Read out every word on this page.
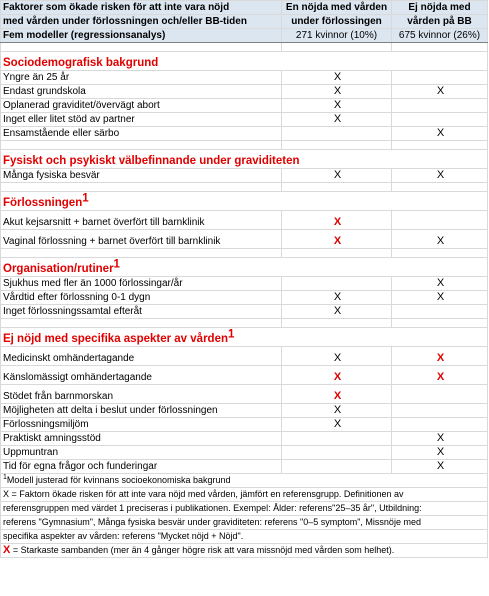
Faktorer som ökade risken för att inte vara nöjd	En nöjda med vården	Ej nöjda med
med vården under förlossningen och/eller BB-tiden	under förlossingen	vården på BB
Fem modeller (regressionsanalys)	271 kvinnor (10%)	675 kvinnor (26%)

Sociodemografisk bakgrund		
Yngre än 25 år	X	
Endast grundskola	X	X
Oplanerad graviditet/övervägt abort	X	
Inget eller litet stöd av partner	X	
Ensamstående eller särbo		X

Fysiskt och psykiskt välbefinnande under graviditeten		
Många fysiska besvär	X	X

Förlossningen$^1$
Akut kejsarsnitt + barnet överfört till barnklinik	X	
Vaginal förlossning + barnet överfört till barnklinik	X	X

Organisation/rutiner$^1$
Sjukhus med fler än 1000 förlossingar/år		X
Vårdtid efter förlossning 0-1 dygn	X	X
Inget förlossningssamtal efteråt	X	

Ej nöjd med specifika aspekter av vården$^1$
Medicinskt omhändertagande	X	X
Känslomässigt omhändertagande	X	X
Stödet från barnmorskan	X	
Möjligheten att delta i beslut under förlossningen	X	
Förlossningsmiljöm	X	
Praktiskt amningsstöd		X
Uppmuntran		X
Tid för egna frågor och funderingar		X
$^1$Modell justerad för kvinnans socioekonomiska bakgrund		
X = Faktorn ökade risken för att inte vara nöjd med vården, jämfört en referensgrupp. Definitionen av		
referensgruppen med värdet 1 preciseras i publikationen. Exempel: Ålder: referens"25–35 år", Utbildning:		
referens "Gymnasium", Många fysiska besvär under graviditeten: referens "0–5 symptom", Missnöje med		
specifika aspekter av vården: referens "Mycket nöjd + Nöjd".		
X = Starkaste sambanden (mer än 4 gånger högre risk att vara missnöjd med vården som helhet).		
